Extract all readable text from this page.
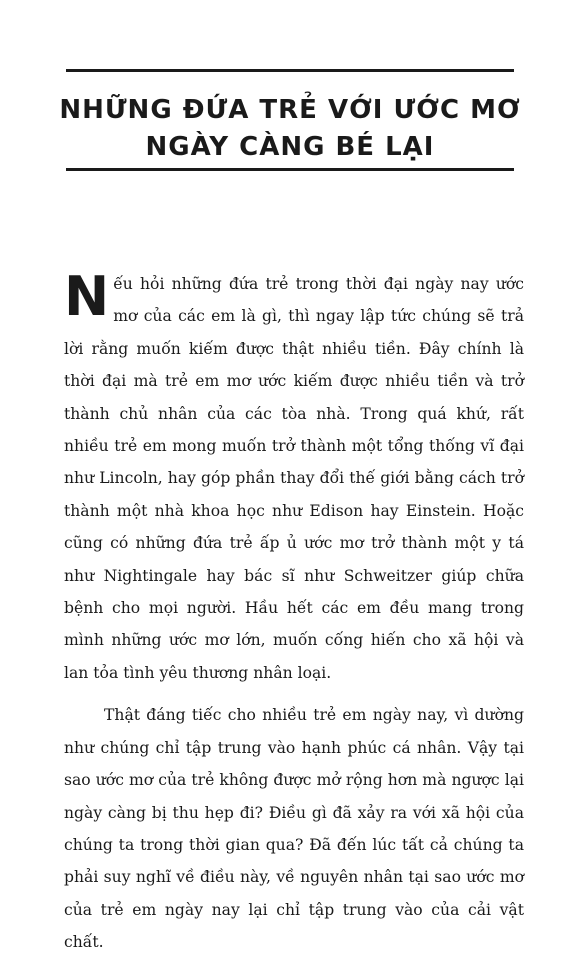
NHỮNG ĐỨA TRẺ VỚI ƯỚC MƠ
NGÀY CÀNG BÉ LẠI

Nếu hỏi những đứa trẻ trong thời đại ngày nay ước mơ của các em là gì, thì ngay lập tức chúng sẽ trả lời rằng muốn kiếm được thật nhiều tiền. Đây chính là thời đại mà trẻ em mơ ước kiếm được nhiều tiền và trở thành chủ nhân của các tòa nhà. Trong quá khứ, rất nhiều trẻ em mong muốn trở thành một tổng thống vĩ đại như Lincoln, hay góp phần thay đổi thế giới bằng cách trở thành một nhà khoa học như Edison hay Einstein. Hoặc cũng có những đứa trẻ ấp ủ ước mơ trở thành một y tá như Nightingale hay bác sĩ như Schweitzer giúp chữa bệnh cho mọi người. Hầu hết các em đều mang trong mình những ước mơ lớn, muốn cống hiến cho xã hội và lan tỏa tình yêu thương nhân loại.

Thật đáng tiếc cho nhiều trẻ em ngày nay, vì dường như chúng chỉ tập trung vào hạnh phúc cá nhân. Vậy tại sao ước mơ của trẻ không được mở rộng hơn mà ngược lại ngày càng bị thu hẹp đi? Điều gì đã xảy ra với xã hội của chúng ta trong thời gian qua? Đã đến lúc tất cả chúng ta phải suy nghĩ về điều này, về nguyên nhân tại sao ước mơ của trẻ em ngày nay lại chỉ tập trung vào của cải vật chất.
